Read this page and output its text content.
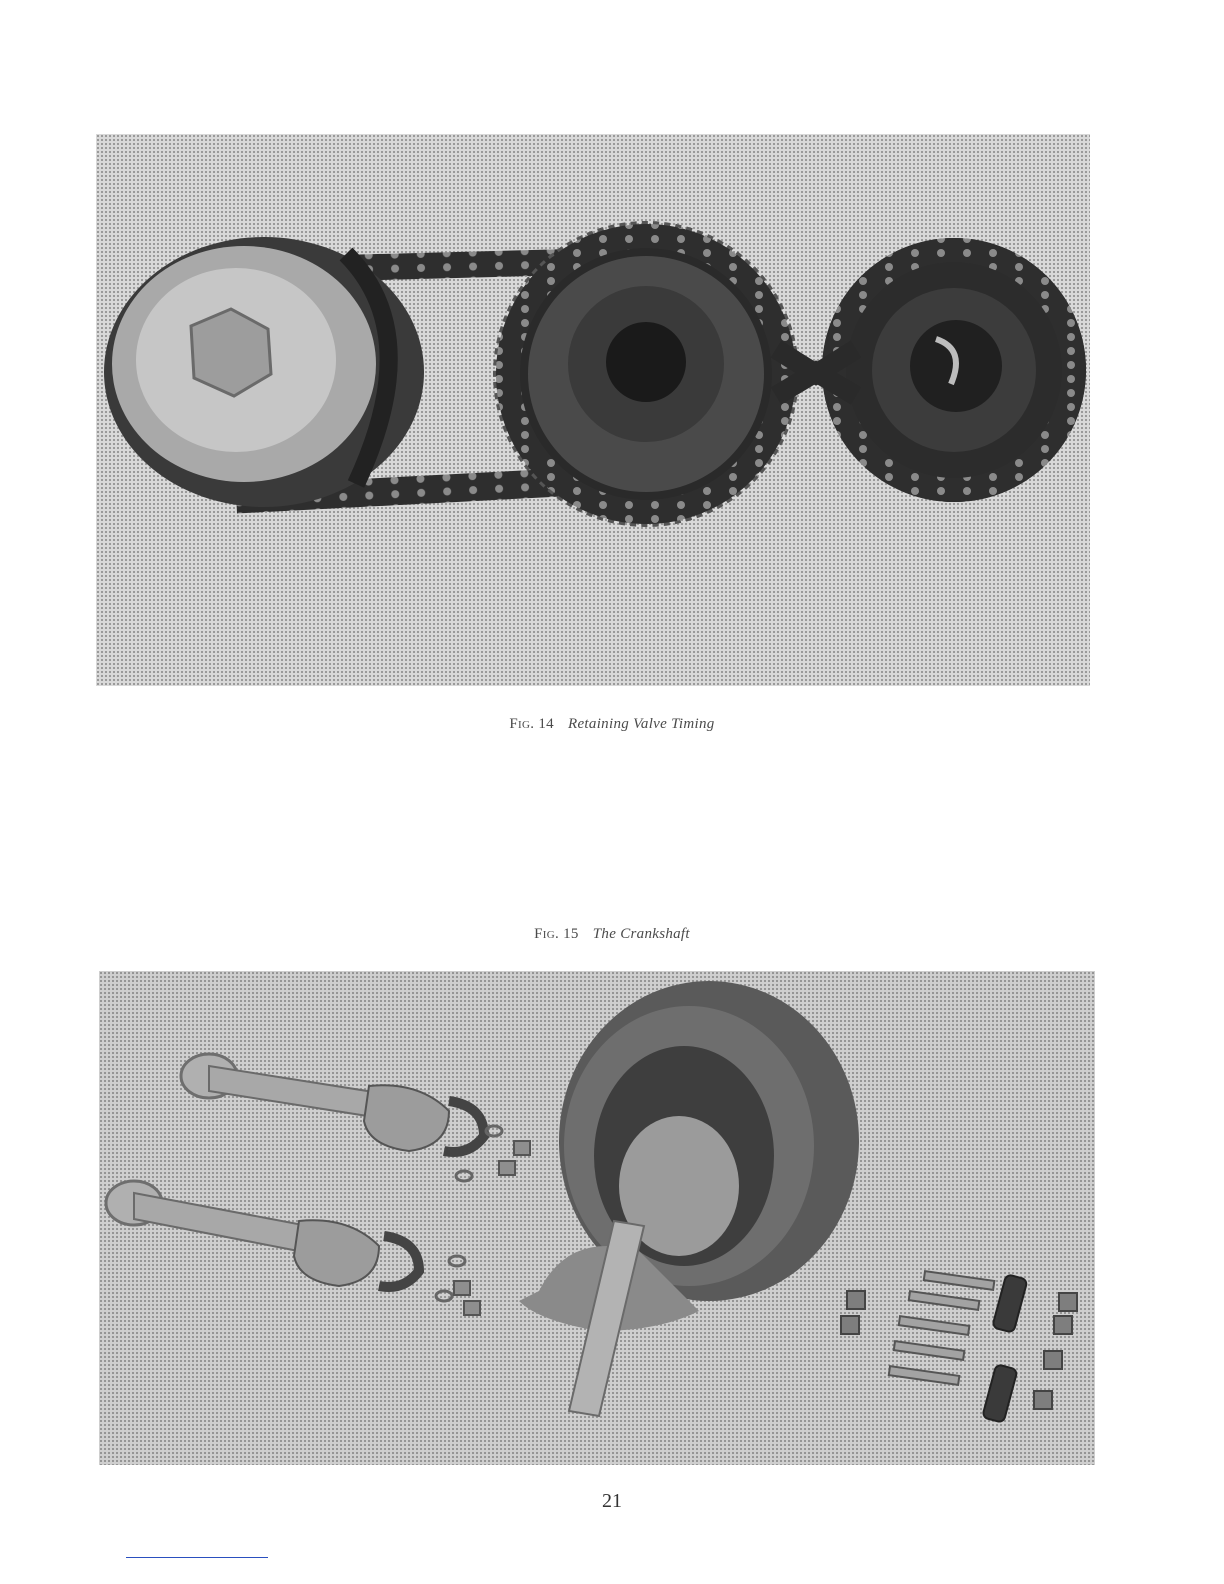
Fig. 14 Retaining Valve Timing
Fig. 15 The Crankshaft
21
